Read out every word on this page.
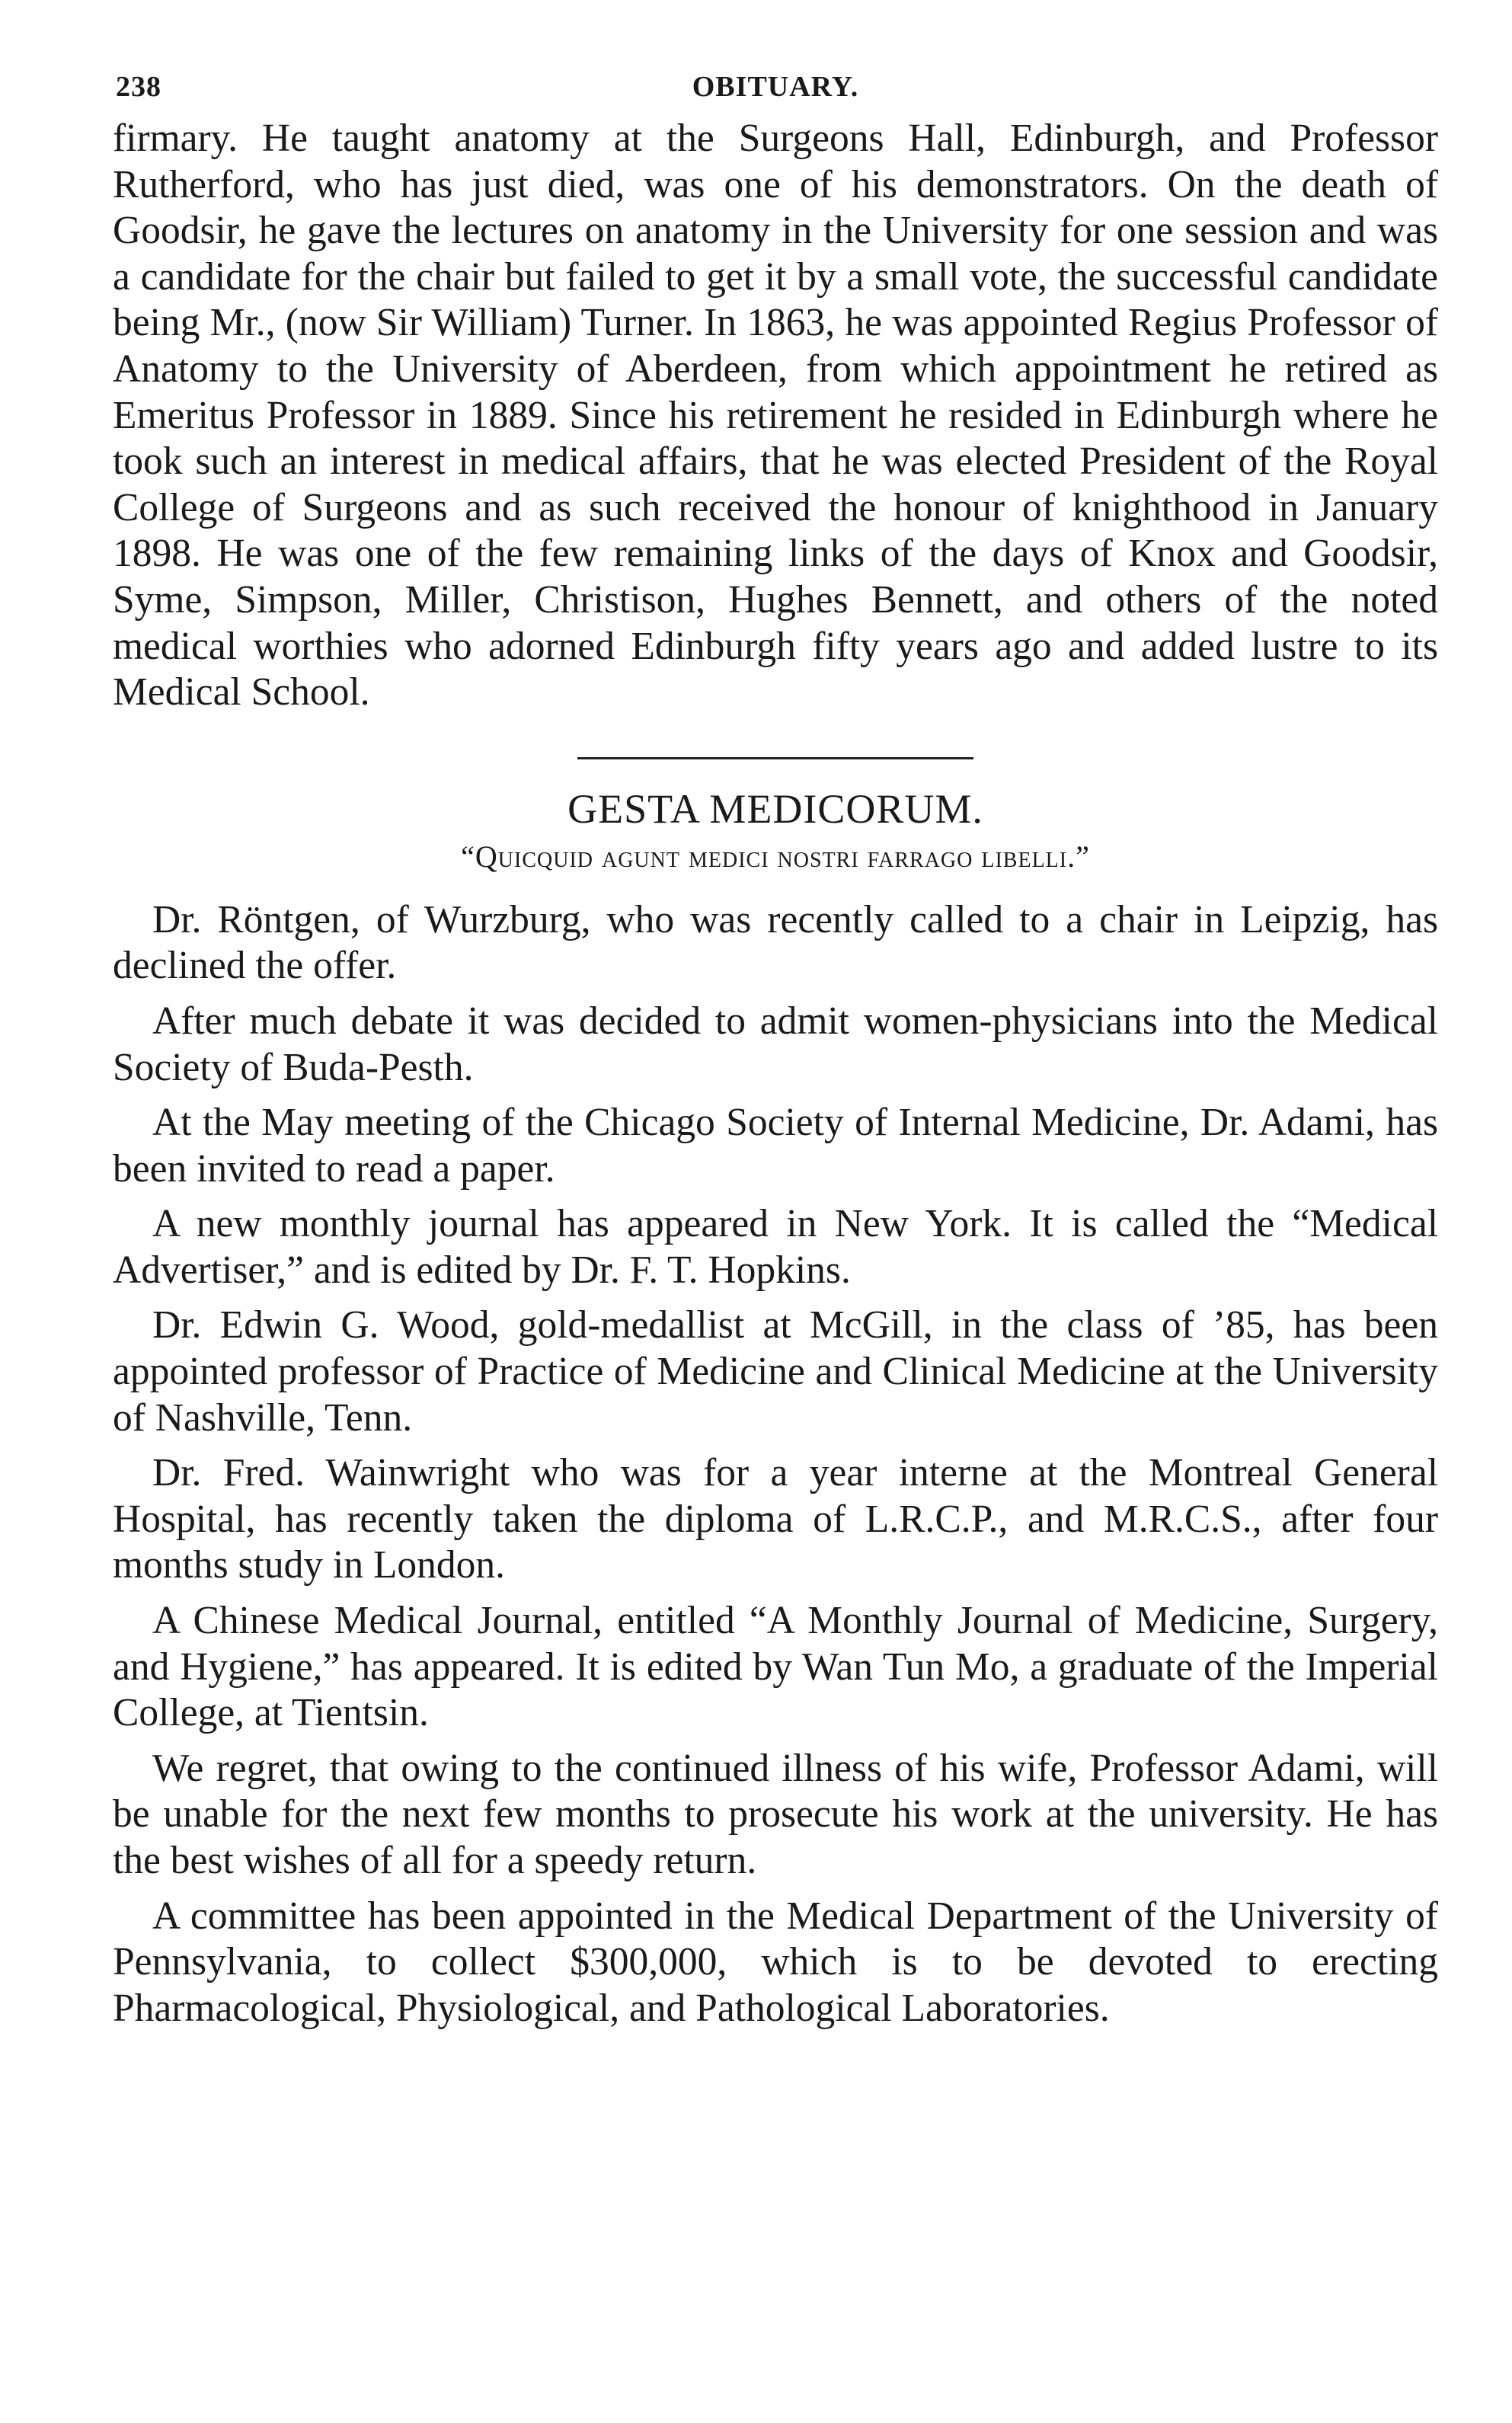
238	OBITUARY.

firmary. He taught anatomy at the Surgeons Hall, Edinburgh, and Professor Rutherford, who has just died, was one of his demonstrators. On the death of Goodsir, he gave the lectures on anatomy in the University for one session and was a candidate for the chair but failed to get it by a small vote, the successful candidate being Mr., (now Sir William) Turner. In 1863, he was appointed Regius Professor of Anatomy to the University of Aberdeen, from which appointment he retired as Emeritus Professor in 1889. Since his retirement he resided in Edinburgh where he took such an interest in medical affairs, that he was elected President of the Royal College of Surgeons and as such received the honour of knighthood in January 1898. He was one of the few remaining links of the days of Knox and Goodsir, Syme, Simpson, Miller, Christison, Hughes Bennett, and others of the noted medical worthies who adorned Edinburgh fifty years ago and added lustre to its Medical School.

GESTA MEDICORUM.
“Quicquid agunt medici nostri farrago libelli.”

Dr. Röntgen, of Wurzburg, who was recently called to a chair in Leipzig, has declined the offer.

After much debate it was decided to admit women-physicians into the Medical Society of Buda-Pesth.

At the May meeting of the Chicago Society of Internal Medicine, Dr. Adami, has been invited to read a paper.

A new monthly journal has appeared in New York. It is called the “Medical Advertiser,” and is edited by Dr. F. T. Hopkins.

Dr. Edwin G. Wood, gold-medallist at McGill, in the class of ’85, has been appointed professor of Practice of Medicine and Clinical Medicine at the University of Nashville, Tenn.

Dr. Fred. Wainwright who was for a year interne at the Montreal General Hospital, has recently taken the diploma of L.R.C.P., and M.R.C.S., after four months study in London.

A Chinese Medical Journal, entitled “A Monthly Journal of Medicine, Surgery, and Hygiene,” has appeared. It is edited by Wan Tun Mo, a graduate of the Imperial College, at Tientsin.

We regret, that owing to the continued illness of his wife, Professor Adami, will be unable for the next few months to prosecute his work at the university. He has the best wishes of all for a speedy return.

A committee has been appointed in the Medical Department of the University of Pennsylvania, to collect $300,000, which is to be devoted to erecting Pharmacological, Physiological, and Pathological Laboratories.
